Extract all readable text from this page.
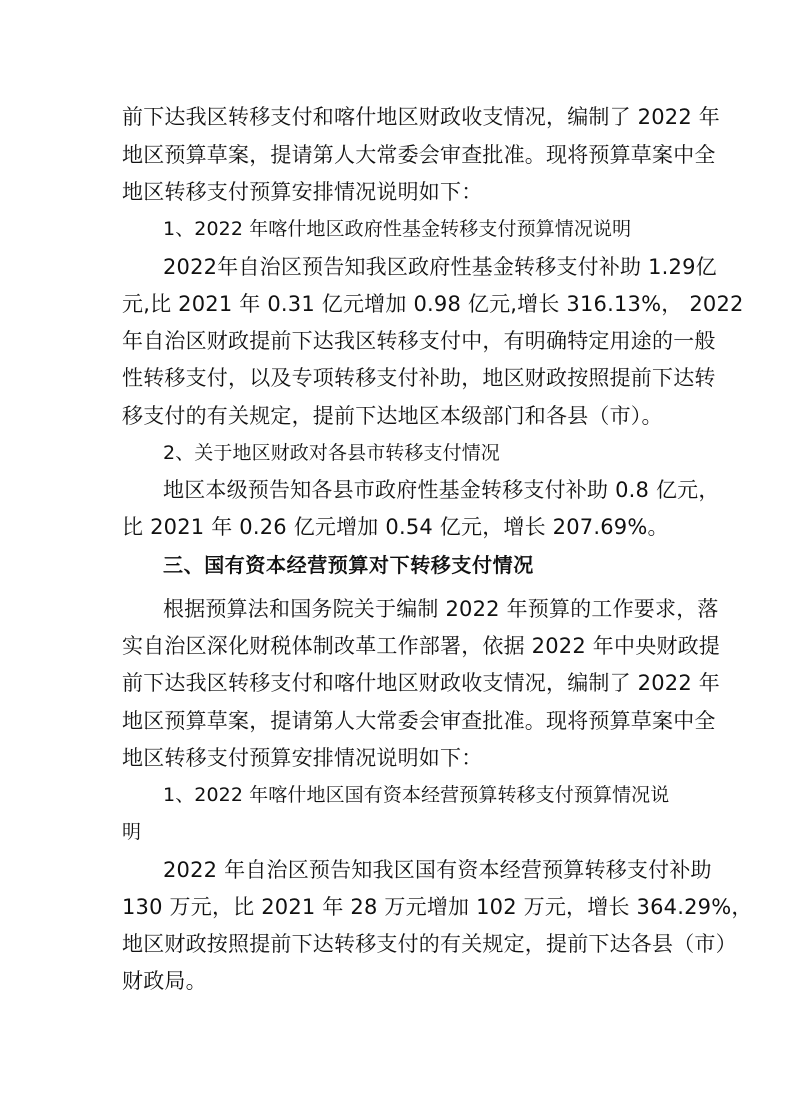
前下达我区转移支付和喀什地区财政收支情况，编制了 2022 年
地区预算草案，提请第人大常委会审查批准。现将预算草案中全
地区转移支付预算安排情况说明如下：
1、2022 年喀什地区政府性基金转移支付预算情况说明
2022年自治区预告知我区政府性基金转移支付补助 1.29亿
元,比 2021 年 0.31 亿元增加 0.98 亿元,增长 316.13%， 2022
年自治区财政提前下达我区转移支付中，有明确特定用途的一般
性转移支付，以及专项转移支付补助，地区财政按照提前下达转
移支付的有关规定，提前下达地区本级部门和各县（市）。
2、关于地区财政对各县市转移支付情况
地区本级预告知各县市政府性基金转移支付补助 0.8 亿元，
比 2021 年 0.26 亿元增加 0.54 亿元，增长 207.69%。
三、国有资本经营预算对下转移支付情况
根据预算法和国务院关于编制 2022 年预算的工作要求，落
实自治区深化财税体制改革工作部署，依据 2022 年中央财政提
前下达我区转移支付和喀什地区财政收支情况，编制了 2022 年
地区预算草案，提请第人大常委会审查批准。现将预算草案中全
地区转移支付预算安排情况说明如下：
1、2022 年喀什地区国有资本经营预算转移支付预算情况说
明
2022 年自治区预告知我区国有资本经营预算转移支付补助
130 万元，比 2021 年 28 万元增加 102 万元，增长 364.29%，
地区财政按照提前下达转移支付的有关规定，提前下达各县（市）
财政局。
